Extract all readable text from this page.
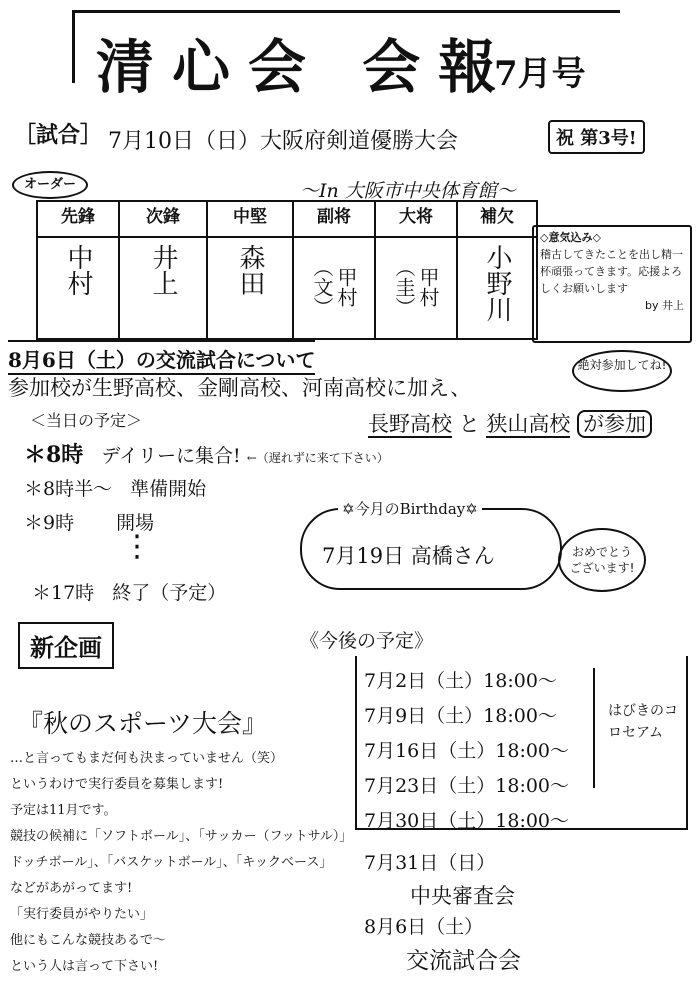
清心会 会報
7月号
［試合］ 7月10日（日）大阪府剣道優勝大会	祝 第3号!
～In 大阪市中央体育館～
オーダー
先鋒	次鋒	中堅	副将	大将	補欠
中村	井上	森田	甲村（文）	甲村（圭）	小野川
◇意気込み◇
稽古してきたことを出し精一杯頑張ってきます。応援よろしくお願いします
by 井上
8月6日（土）の交流試合について
参加校が生野高校、金剛高校、河南高校に加え、
長野高校 と 狭山高校 が参加
絶対参加してね!
＜当日の予定＞
＊8時 デイリーに集合! ←（遅れずに来て下さい）
＊8時半～ 準備開始
＊9時 開場
⋮
＊17時 終了（予定）
✡今月のBirthday✡
7月19日 高橋さん	おめでとうございます!
新企画
『秋のスポーツ大会』
…と言ってもまだ何も決まっていません（笑）
というわけで実行委員を募集します!
予定は11月です。
競技の候補に「ソフトボール」、「サッカー（フットサル）」
ドッチボール」、「バスケットボール」、「キックベース」
などがあがってます!
「実行委員がやりたい」
他にもこんな競技あるで～
という人は言って下さい!
《今後の予定》
7月2日（土）18:00～
7月9日（土）18:00～
7月16日（土）18:00～
7月23日（土）18:00～
7月30日（土）18:00～
はびきのコロセアム
7月31日（日）
中央審査会
8月6日（土）
交流試合会
